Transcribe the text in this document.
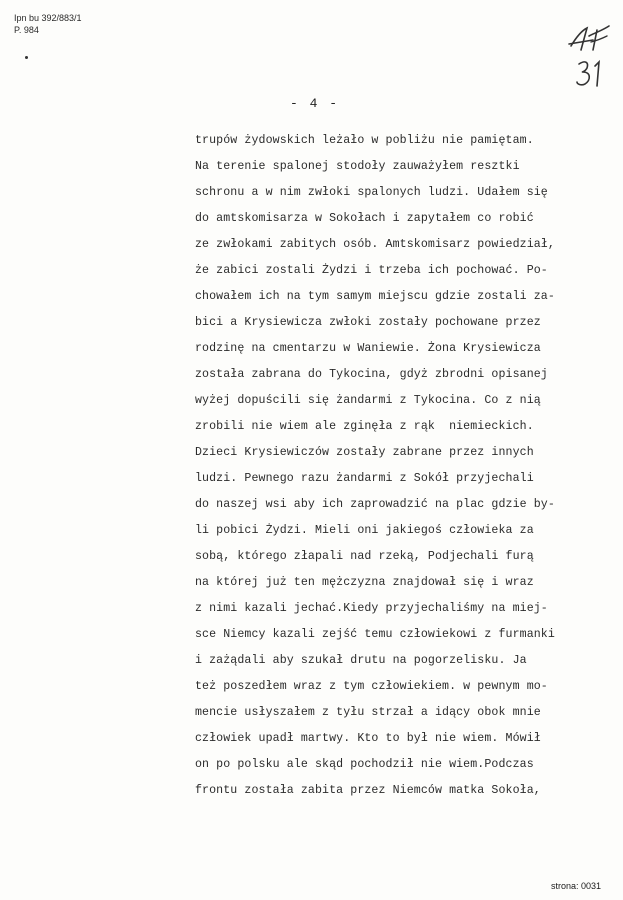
Ipn bu 392/883/1
P. 984
- 4 -
trupów żydowskich leżało w pobliżu nie pamiętam.
Na terenie spalonej stodoły zauważyłem resztki
schronu a w nim zwłoki spalonych ludzi. Udałem się
do amtskomisarza w Sokołach i zapytałem co robić
ze zwłokami zabitych osób. Amtskomisarz powiedział,
że zabici zostali Żydzi i trzeba ich pochować. Po-
chowałem ich na tym samym miejscu gdzie zostali za-
bici a Krysiewicza zwłoki zostały pochowane przez
rodzinę na cmentarzu w Waniewie. Żona Krysiewicza
została zabrana do Tykocina, gdyż zbrodni opisanej
wyżej dopuścili się żandarmi z Tykocina. Co z nią
zrobili nie wiem ale zginęła z rąk  niemieckich.
Dzieci Krysiewiczów zostały zabrane przez innych
ludzi. Pewnego razu żandarmi z Sokół przyjechali
do naszej wsi aby ich zaprowadzić na plac gdzie by-
li pobici Żydzi. Mieli oni jakiegoś człowieka za
sobą, którego złapali nad rzeką, Podjechali furą
na której już ten mężczyzna znajdował się i wraz
z nimi kazali jechać.Kiedy przyjechaliśmy na miej-
sce Niemcy kazali zejść temu człowiekowi z furmanki
i zażądali aby szukał drutu na pogorzelisku. Ja
też poszedłem wraz z tym człowiekiem. w pewnym mo-
mencie usłyszałem z tyłu strzał a idący obok mnie
człowiek upadł martwy. Kto to był nie wiem. Mówił
on po polsku ale skąd pochodził nie wiem.Podczas
frontu została zabita przez Niemców matka Sokoła,
strona: 0031
